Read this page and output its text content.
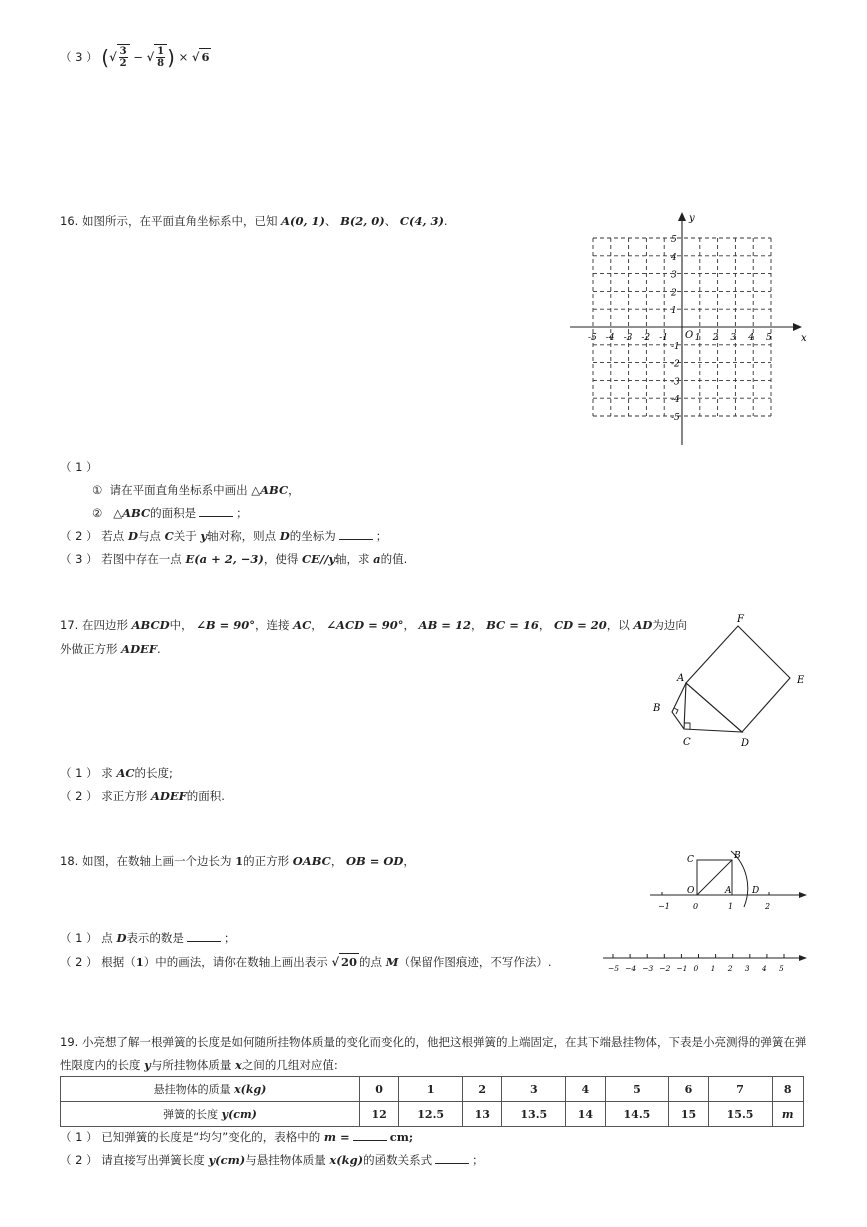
（ 3 ） (√ $\frac{3}{2}$ − √ $\frac{1}{8}$ ) × √ 6
16. 如图所示，在平面直角坐标系中，已知 A(0, 1)、 B(2, 0)、 C(4, 3).
x
y
O
-5 -4 -3 -2 -1	1 2 3 4 5
5
4
3
2
1
-1
-2
-3
-4
-5
（ 1 ）
① 请在平面直角坐标系中画出 △ABC，
② △ABC的面积是	；
（ 2 ） 若点 D与点 C关于 y轴对称，则点 D的坐标为	；
（ 3 ） 若图中存在一点 E(a + 2, −3)，使得 CE//y轴，求 a的值.
17. 在四边形 ABCD中， ∠B = 90°，连接 AC， ∠ACD = 90°， AB = 12， BC = 16， CD = 20，以 AD为边向
外做正方形 ADEF.
A
B
C	D
E
F
（ 1 ） 求 AC的长度;
（ 2 ） 求正方形 ADEF的面积.
18. 如图，在数轴上画一个边长为 1的正方形 OABC， OB = OD，	C	B
O	A D
−1	0	1	2
（ 1 ） 点 D表示的数是	；
（ 2 ） 根据（1）中的画法，请你在数轴上画出表示 √ 20 的点 M（保留作图痕迹，不写作法）.	−5 −4 −3 −2 −1 0 1 2 3 4 5
19. 小亮想了解一根弹簧的长度是如何随所挂物体质量的变化而变化的，他把这根弹簧的上端固定，在其下端悬挂物体，下表是小亮测得的弹簧在弹
性限度内的长度 y与所挂物体质量 x之间的几组对应值:
悬挂物体的质量 x(kg)	0	1	2	3	4	5	6	7	8
弹簧的长度 y(cm)	12	12.5	13	13.5	14	14.5	15	15.5	m
（ 1 ） 已知弹簧的长度是“均匀”变化的，表格中的 m =	cm;
（ 2 ） 请直接写出弹簧长度 y(cm)与悬挂物体质量 x(kg)的函数关系式	；
